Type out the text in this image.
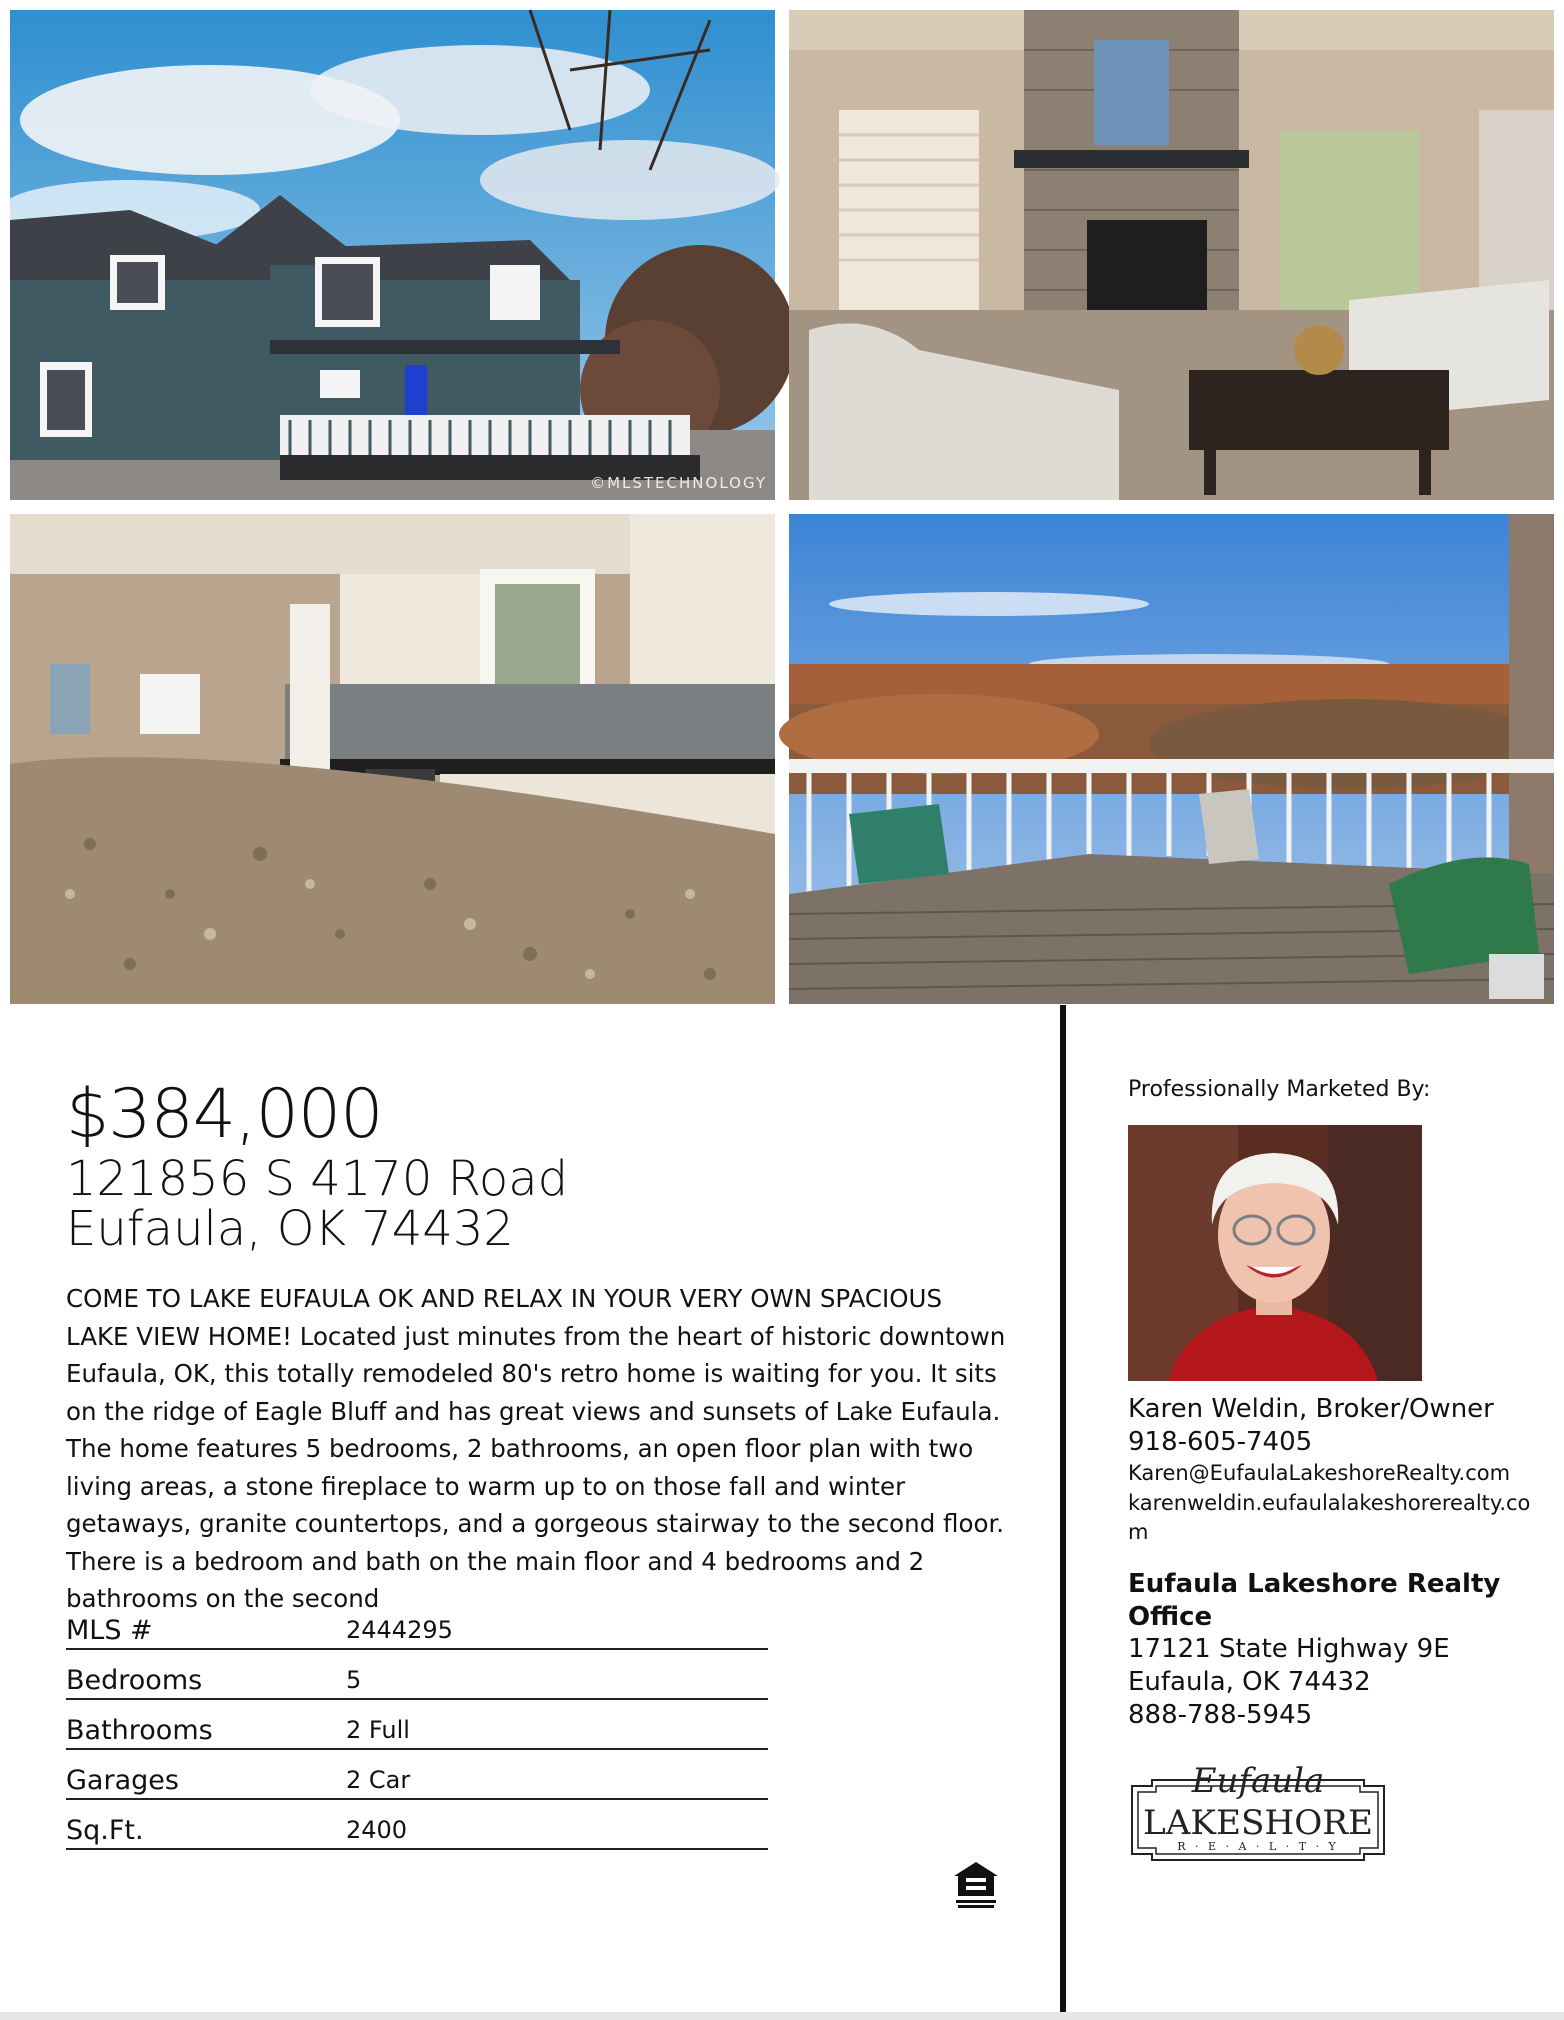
©MLSTECHNOLOGY
$384,000
121856 S 4170 Road
Eufaula, OK 74432
COME TO LAKE EUFAULA OK AND RELAX IN YOUR VERY OWN SPACIOUS LAKE VIEW HOME! Located just minutes from the heart of historic downtown Eufaula, OK, this totally remodeled 80's retro home is waiting for you. It sits on the ridge of Eagle Bluff and has great views and sunsets of Lake Eufaula. The home features 5 bedrooms, 2 bathrooms, an open floor plan with two living areas, a stone fireplace to warm up to on those fall and winter getaways, granite countertops, and a gorgeous stairway to the second floor. There is a bedroom and bath on the main floor and 4 bedrooms and 2 bathrooms on the second
MLS #	2444295
Bedrooms	5
Bathrooms	2 Full
Garages	2 Car
Sq.Ft.	2400
Professionally Marketed By:
Karen Weldin, Broker/Owner
918-605-7405
Karen@EufaulaLakeshoreRealty.com
karenweldin.eufaulalakeshorerealty.com
Eufaula Lakeshore Realty Office
17121 State Highway 9E
Eufaula, OK 74432
888-788-5945
Eufaula
LAKESHORE
R · E · A · L · T · Y
